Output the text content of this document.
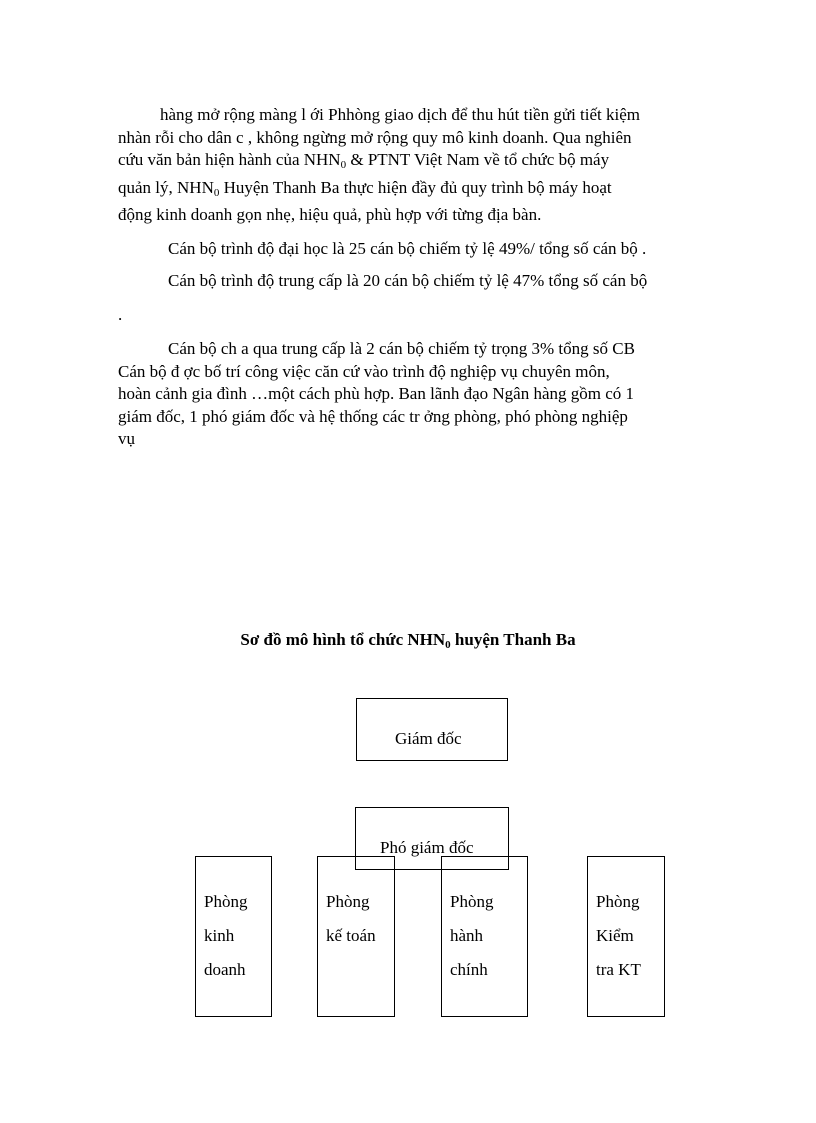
hàng mở rộng màng l ới Phhòng giao dịch để thu hút tiền gửi tiết kiệm

nhàn rỗi cho dân c , không ngừng mở rộng quy mô kinh doanh. Qua nghiên

cứu văn bản hiện hành của $NHN_0$ & PTNT Việt Nam về tổ chức bộ máy

quản lý, $NHN_0$ Huyện Thanh Ba thực hiện đầy đủ quy trình bộ máy hoạt

động kinh doanh gọn nhẹ, hiệu quả, phù hợp với từng địa bàn.

Cán bộ trình độ đại học là 25 cán bộ chiếm tỷ lệ 49%/ tổng số cán bộ .
Cán bộ trình độ trung cấp là 20 cán bộ chiếm tỷ lệ 47% tổng số cán bộ
.

Cán bộ ch a qua trung cấp là 2 cán bộ chiếm tỷ trọng 3% tổng số CB

Cán bộ đ ợc bố trí công việc căn cứ vào trình độ nghiệp vụ chuyên môn,

hoàn cảnh gia đình …một cách phù hợp. Ban lãnh đạo Ngân hàng gồm có 1

giám đốc, 1 phó giám đốc và hệ thống các tr ởng phòng, phó phòng nghiệp

vụ

Sơ đồ mô hình tổ chức $NHN_0$ huyện Thanh Ba
Giám đốc
Phòng
kinh
doanh
Phòng
kế toán
Phòng
hành
chính
Phòng
Kiểm
tra KT
Phó giám đốc
